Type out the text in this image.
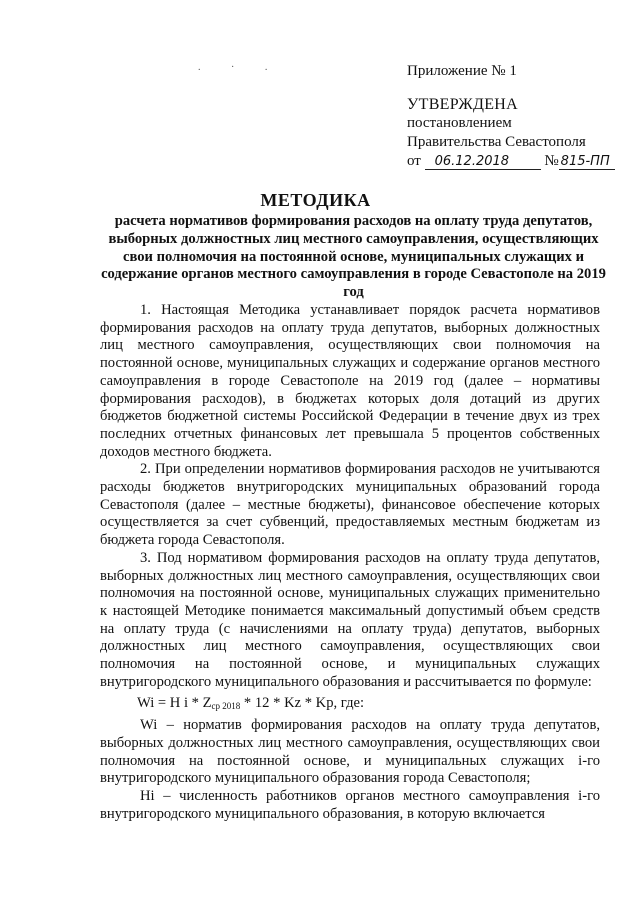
. · .	Приложение № 1
УТВЕРЖДЕНА
постановлением
Правительства Севастополя
от 06.12.2018 № 815-ПП
МЕТОДИКА
расчета нормативов формирования расходов на оплату труда депутатов, выборных должностных лиц местного самоуправления, осуществляющих свои полномочия на постоянной основе, муниципальных служащих и содержание органов местного самоуправления в городе Севастополе на 2019 год

1. Настоящая Методика устанавливает порядок расчета нормативов формирования расходов на оплату труда депутатов, выборных должностных лиц местного самоуправления, осуществляющих свои полномочия на постоянной основе, муниципальных служащих и содержание органов местного самоуправления в городе Севастополе на 2019 год (далее – нормативы формирования расходов), в бюджетах которых доля дотаций из других бюджетов бюджетной системы Российской Федерации в течение двух из трех последних отчетных финансовых лет превышала 5 процентов собственных доходов местного бюджета.

2. При определении нормативов формирования расходов не учитываются расходы бюджетов внутригородских муниципальных образований города Севастополя (далее – местные бюджеты), финансовое обеспечение которых осуществляется за счет субвенций, предоставляемых местным бюджетам из бюджета города Севастополя.

3. Под нормативом формирования расходов на оплату труда депутатов, выборных должностных лиц местного самоуправления, осуществляющих свои полномочия на постоянной основе, муниципальных служащих применительно к настоящей Методике понимается максимальный допустимый объем средств на оплату труда (с начислениями на оплату труда) депутатов, выборных должностных лиц местного самоуправления, осуществляющих свои полномочия на постоянной основе, и муниципальных служащих внутригородского муниципального образования и рассчитывается по формуле:

Wi = H i * $Z_{ср 2018} * 12$ * Kz * Kp, где:

Wi – норматив формирования расходов на оплату труда депутатов, выборных должностных лиц местного самоуправления, осуществляющих свои полномочия на постоянной основе, и муниципальных служащих i-го внутригородского муниципального образования города Севастополя;

Hi – численность работников органов местного самоуправления i-го внутригородского муниципального образования, в которую включается
